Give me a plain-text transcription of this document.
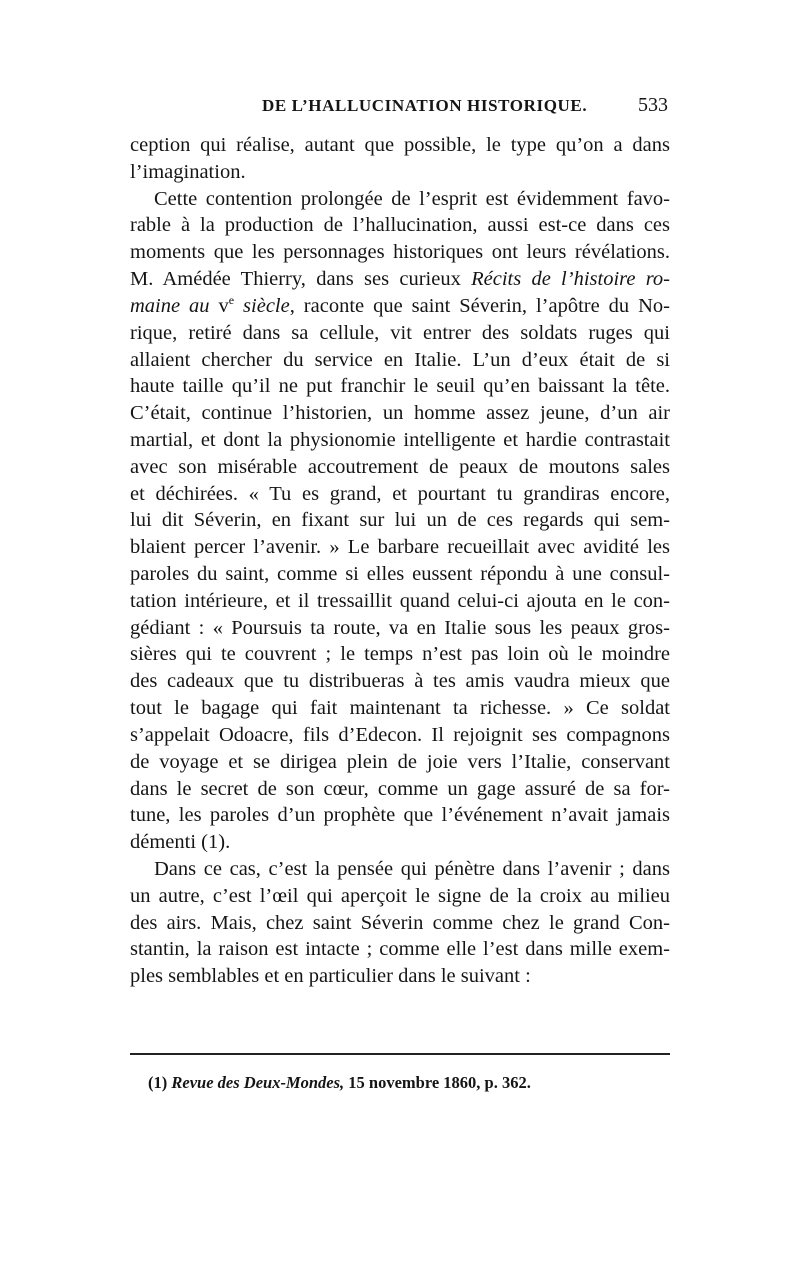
DE L’HALLUCINATION HISTORIQUE.	533
ception qui réalise, autant que possible, le type qu’on a dans
l’imagination.
Cette contention prolongée de l’esprit est évidemment favo-
rable à la production de l’hallucination, aussi est-ce dans ces
moments que les personnages historiques ont leurs révélations.
M. Amédée Thierry, dans ses curieux Récits de l’histoire ro-
maine au $v^e$ siècle, raconte que saint Séverin, l’apôtre du No-
rique, retiré dans sa cellule, vit entrer des soldats ruges qui
allaient chercher du service en Italie. L’un d’eux était de si
haute taille qu’il ne put franchir le seuil qu’en baissant la tête.
C’était, continue l’historien, un homme assez jeune, d’un air
martial, et dont la physionomie intelligente et hardie contrastait
avec son misérable accoutrement de peaux de moutons sales
et déchirées. « Tu es grand, et pourtant tu grandiras encore,
lui dit Séverin, en fixant sur lui un de ces regards qui sem-
blaient percer l’avenir. » Le barbare recueillait avec avidité les
paroles du saint, comme si elles eussent répondu à une consul-
tation intérieure, et il tressaillit quand celui-ci ajouta en le con-
gédiant : « Poursuis ta route, va en Italie sous les peaux gros-
sières qui te couvrent ; le temps n’est pas loin où le moindre
des cadeaux que tu distribueras à tes amis vaudra mieux que
tout le bagage qui fait maintenant ta richesse. » Ce soldat
s’appelait Odoacre, fils d’Edecon. Il rejoignit ses compagnons
de voyage et se dirigea plein de joie vers l’Italie, conservant
dans le secret de son cœur, comme un gage assuré de sa for-
tune, les paroles d’un prophète que l’événement n’avait jamais
démenti (1).
Dans ce cas, c’est la pensée qui pénètre dans l’avenir ; dans
un autre, c’est l’œil qui aperçoit le signe de la croix au milieu
des airs. Mais, chez saint Séverin comme chez le grand Con-
stantin, la raison est intacte ; comme elle l’est dans mille exem-
ples semblables et en particulier dans le suivant :
(1) Revue des Deux-Mondes, 15 novembre 1860, p. 362.
